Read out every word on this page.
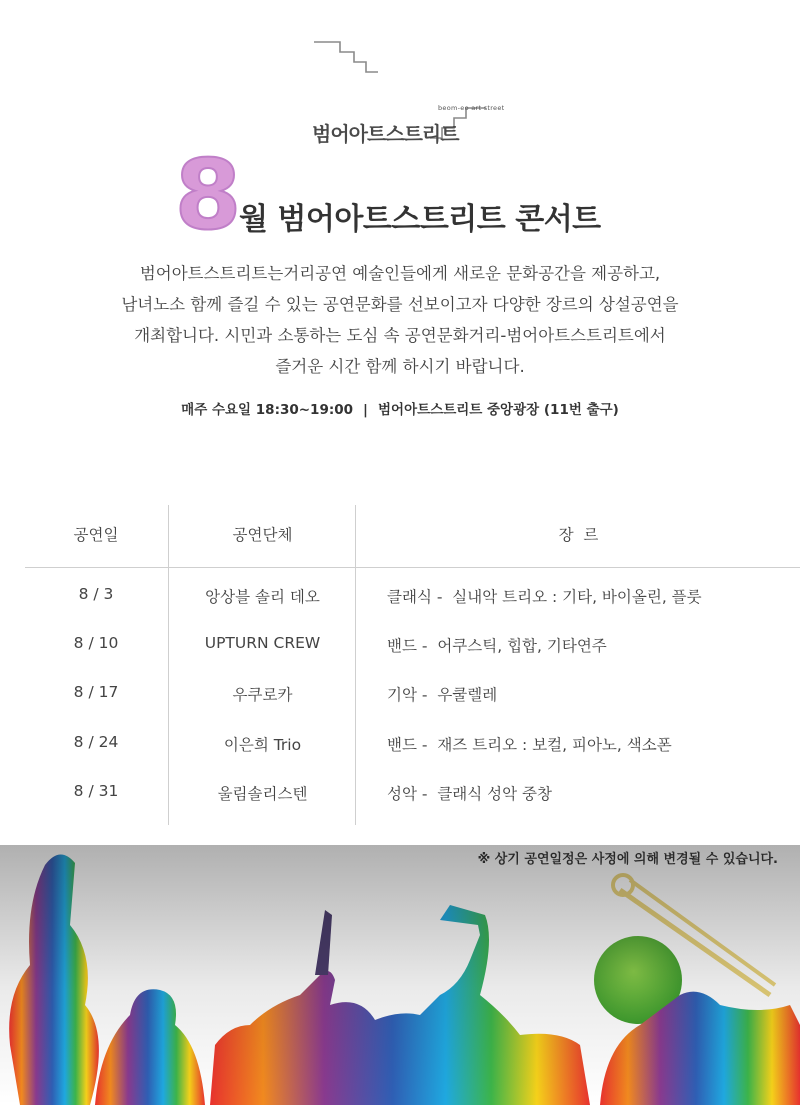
beom-eo art street
범어아트스트리트
8
월 범어아트스트리트 콘서트

범어아트스트리트는거리공연 예술인들에게 새로운 문화공간을 제공하고,

남녀노소 함께 즐길 수 있는 공연문화를 선보이고자 다양한 장르의 상설공연을

개최합니다. 시민과 소통하는 도심 속 공연문화거리-범어아트스트리트에서

즐거운 시간 함께 하시기 바랍니다.

매주 수요일 18:30~19:00 | 범어아트스트리트 중앙광장 (11번 출구)
공연일	공연단체	장  르
8 / 3	앙상블 솔리 데오	클래식 -  실내악 트리오 : 기타, 바이올린, 플룻
8 / 10	UPTURN CREW	밴드 -  어쿠스틱, 힙합, 기타연주
8 / 17	우쿠로카	기악 -  우쿨렐레
8 / 24	이은희 Trio	밴드 -  재즈 트리오 : 보컬, 피아노, 색소폰
8 / 31	울림솔리스텐	성악 -  클래식 성악 중창
※ 상기 공연일정은 사정에 의해 변경될 수 있습니다.
